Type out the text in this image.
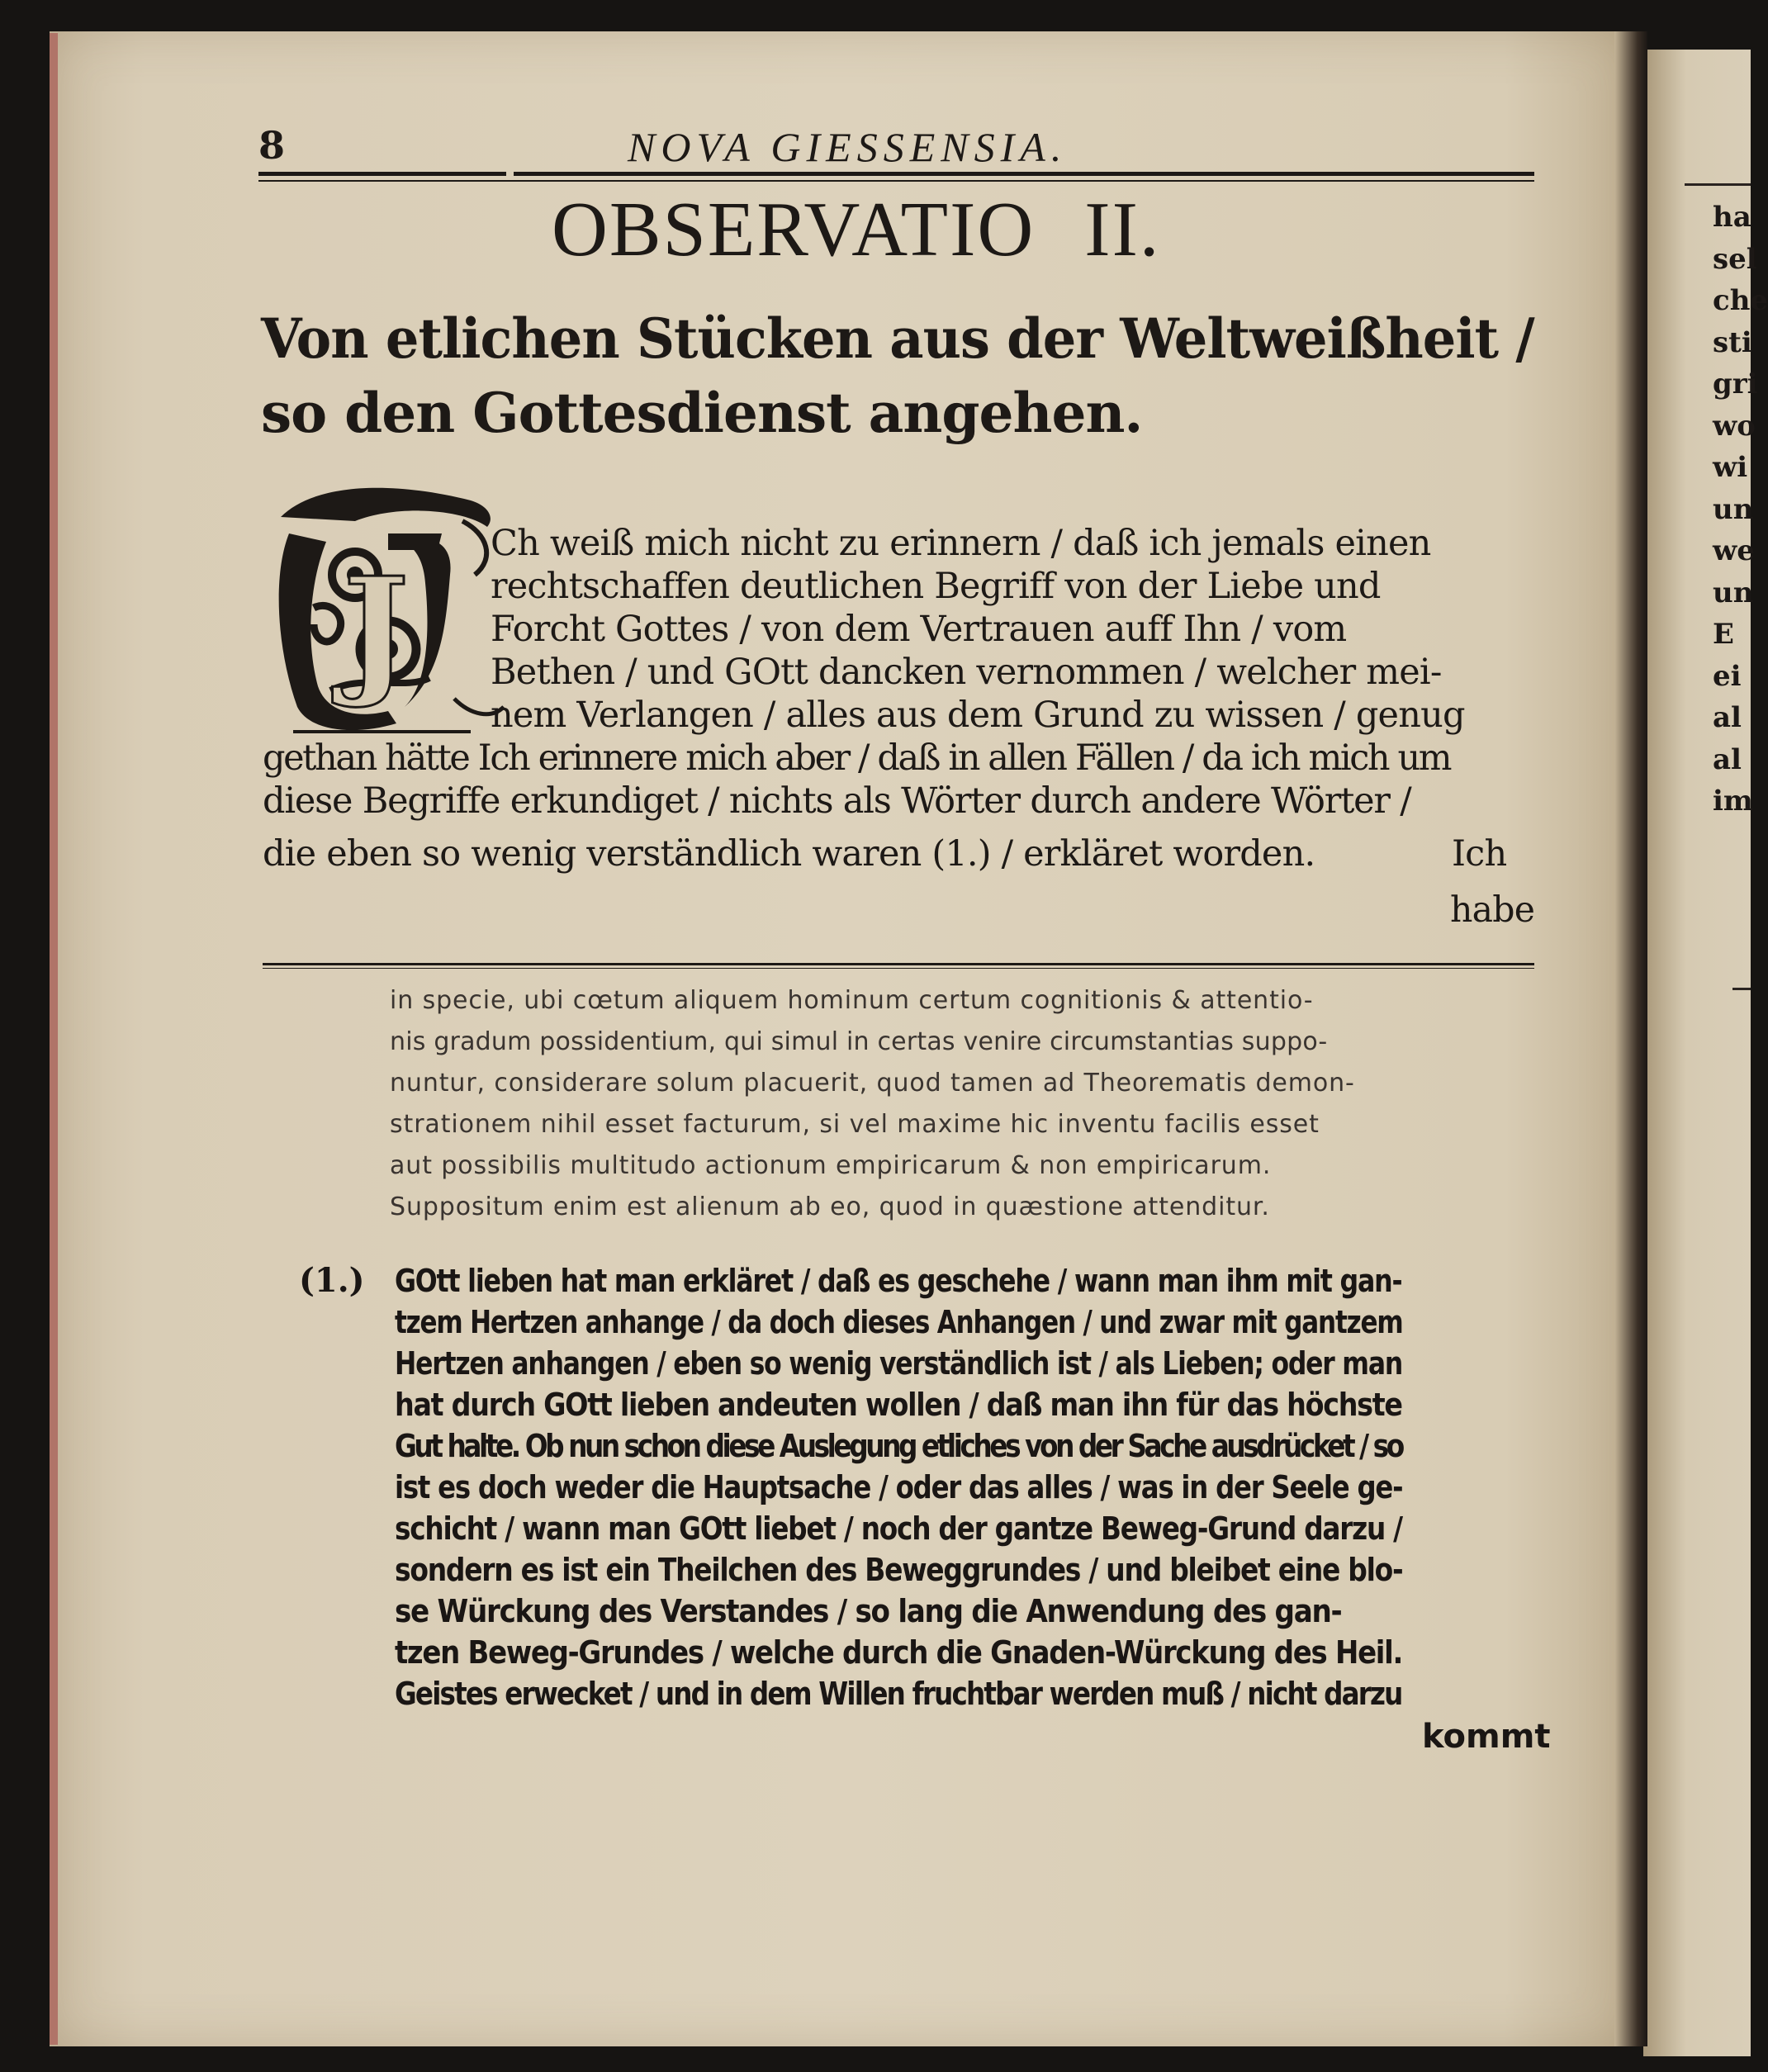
ha
sel
che
sti
gri
wo
wi
un
we
un
E
ei
al
al
im
8	NOVA GIESSENSIA.
OBSERVATIO II.
Von etlichen Stücken aus der Weltweißheit /
so den Gottesdienst angehen.
J
Ch weiß mich nicht zu erinnern / daß ich jemals einen
rechtschaffen deutlichen Begriff von der Liebe und
Forcht Gottes / von dem Vertrauen auff Ihn / vom
Bethen / und GOtt dancken vernommen / welcher mei-
nem Verlangen / alles aus dem Grund zu wissen / genug
gethan hätte Ich erinnere mich aber / daß in allen Fällen / da ich mich um
diese Begriffe erkundiget / nichts als Wörter durch andere Wörter /
die eben so wenig verständlich waren (1.) / erkläret worden.	Ich
habe
in specie, ubi cœtum aliquem hominum certum cognitionis & attentio-
nis gradum possidentium, qui simul in certas venire circumstantias suppo-
nuntur, considerare solum placuerit, quod tamen ad Theorematis demon-
strationem nihil esset facturum, si vel maxime hic inventu facilis esset
aut possibilis multitudo actionum empiricarum & non empiricarum.
Suppositum enim est alienum ab eo, quod in quæstione attenditur.
(1.) GOtt lieben hat man erkläret / daß es geschehe / wann man ihm mit gan-
tzem Hertzen anhange / da doch dieses Anhangen / und zwar mit gantzem
Hertzen anhangen / eben so wenig verständlich ist / als Lieben; oder man
hat durch GOtt lieben andeuten wollen / daß man ihn für das höchste
Gut halte. Ob nun schon diese Auslegung etliches von der Sache ausdrücket / so
ist es doch weder die Hauptsache / oder das alles / was in der Seele ge-
schicht / wann man GOtt liebet / noch der gantze Beweg-Grund darzu /
sondern es ist ein Theilchen des Beweggrundes / und bleibet eine blo-
se Würckung des Verstandes / so lang die Anwendung des gan-
tzen Beweg-Grundes / welche durch die Gnaden-Würckung des Heil.
Geistes erwecket / und in dem Willen fruchtbar werden muß / nicht darzu
kommt
